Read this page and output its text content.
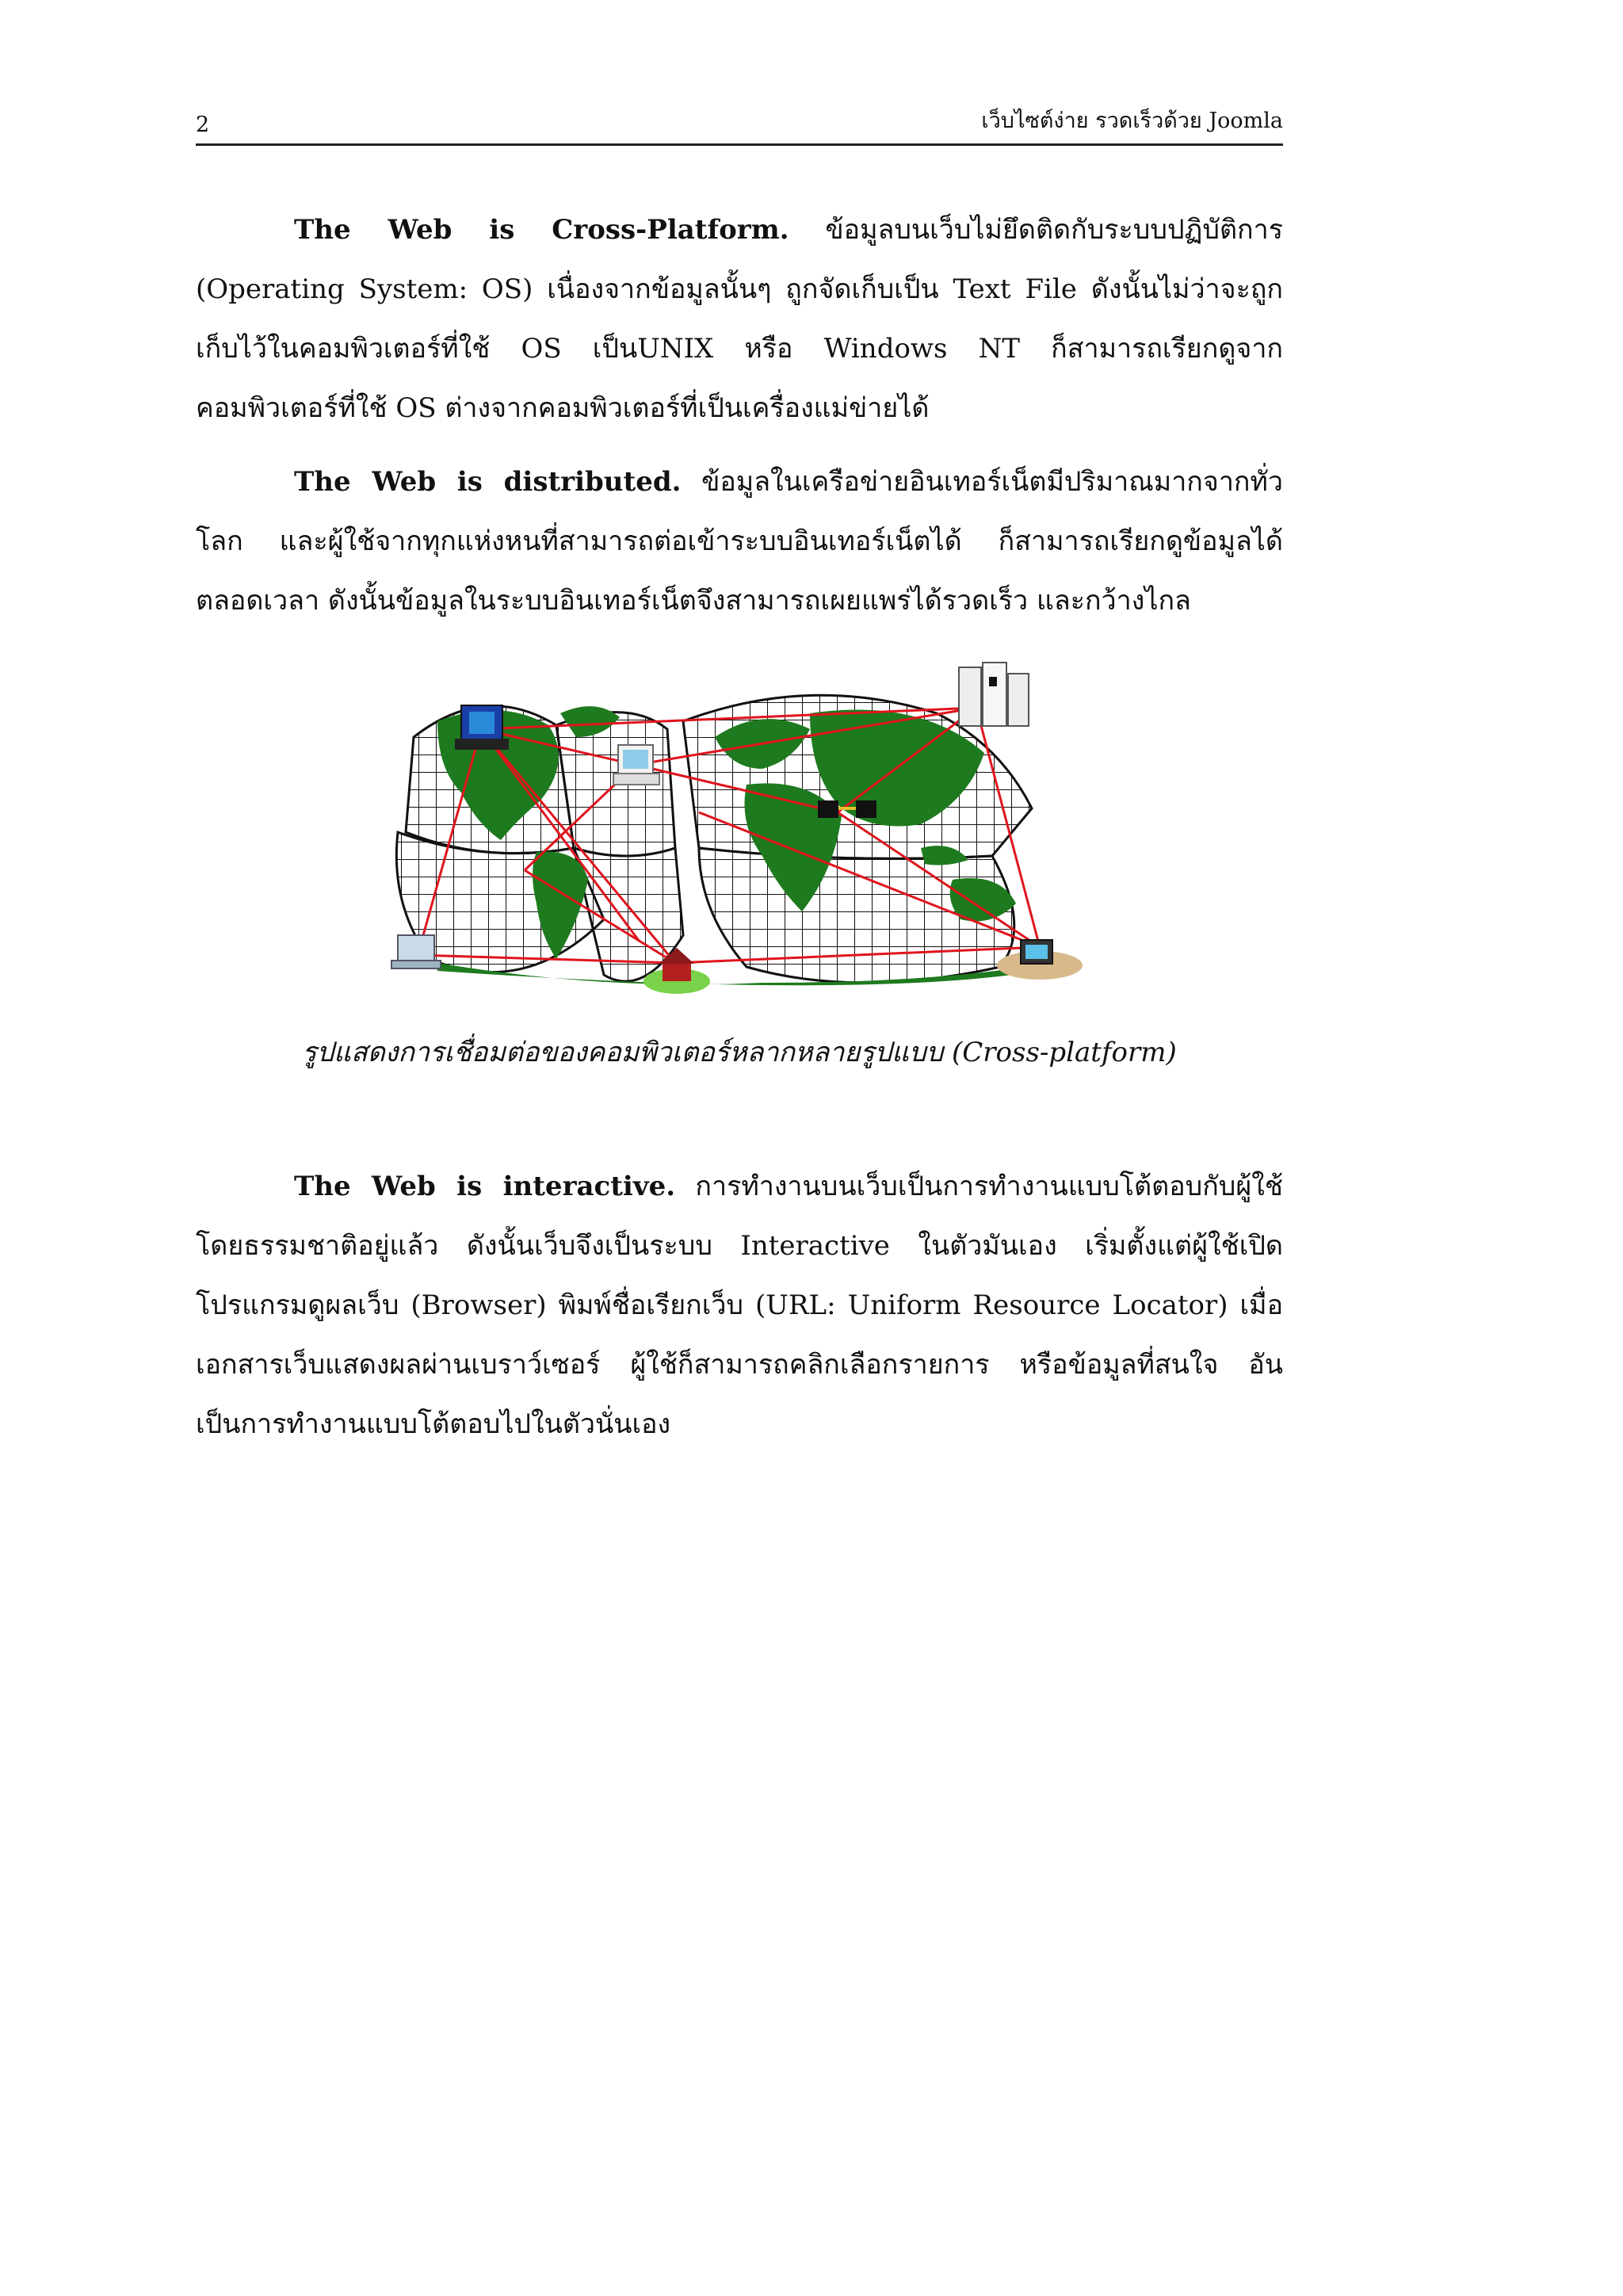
2	เว็บไซต์ง่าย รวดเร็วด้วย Joomla
The Web is Cross-Platform. ข้อมูลบนเว็บไม่ยึดติดกับระบบปฏิบัติการ (Operating System: OS) เนื่องจากข้อมูลนั้นๆ ถูกจัดเก็บเป็น Text File ดังนั้นไม่ว่าจะถูกเก็บไว้ในคอมพิวเตอร์ที่ใช้ OS เป็นUNIX หรือ Windows NT ก็สามารถเรียกดูจากคอมพิวเตอร์ที่ใช้ OS ต่างจากคอมพิวเตอร์ที่เป็นเครื่องแม่ข่ายได้
The Web is distributed. ข้อมูลในเครือข่ายอินเทอร์เน็ตมีปริมาณมากจากทั่วโลก และผู้ใช้จากทุกแห่งหนที่สามารถต่อเข้าระบบอินเทอร์เน็ตได้ ก็สามารถเรียกดูข้อมูลได้ตลอดเวลา ดังนั้นข้อมูลในระบบอินเทอร์เน็ตจึงสามารถเผยแพร่ได้รวดเร็ว และกว้างไกล
รูปแสดงการเชื่อมต่อของคอมพิวเตอร์หลากหลายรูปแบบ (Cross-platform)
The Web is interactive. การทำงานบนเว็บเป็นการทำงานแบบโต้ตอบกับผู้ใช้โดยธรรมชาติอยู่แล้ว ดังนั้นเว็บจึงเป็นระบบ Interactive ในตัวมันเอง เริ่มตั้งแต่ผู้ใช้เปิดโปรแกรมดูผลเว็บ (Browser) พิมพ์ชื่อเรียกเว็บ (URL: Uniform Resource Locator) เมื่อเอกสารเว็บแสดงผลผ่านเบราว์เซอร์ ผู้ใช้ก็สามารถคลิกเลือกรายการ หรือข้อมูลที่สนใจ อันเป็นการทำงานแบบโต้ตอบไปในตัวนั่นเอง
